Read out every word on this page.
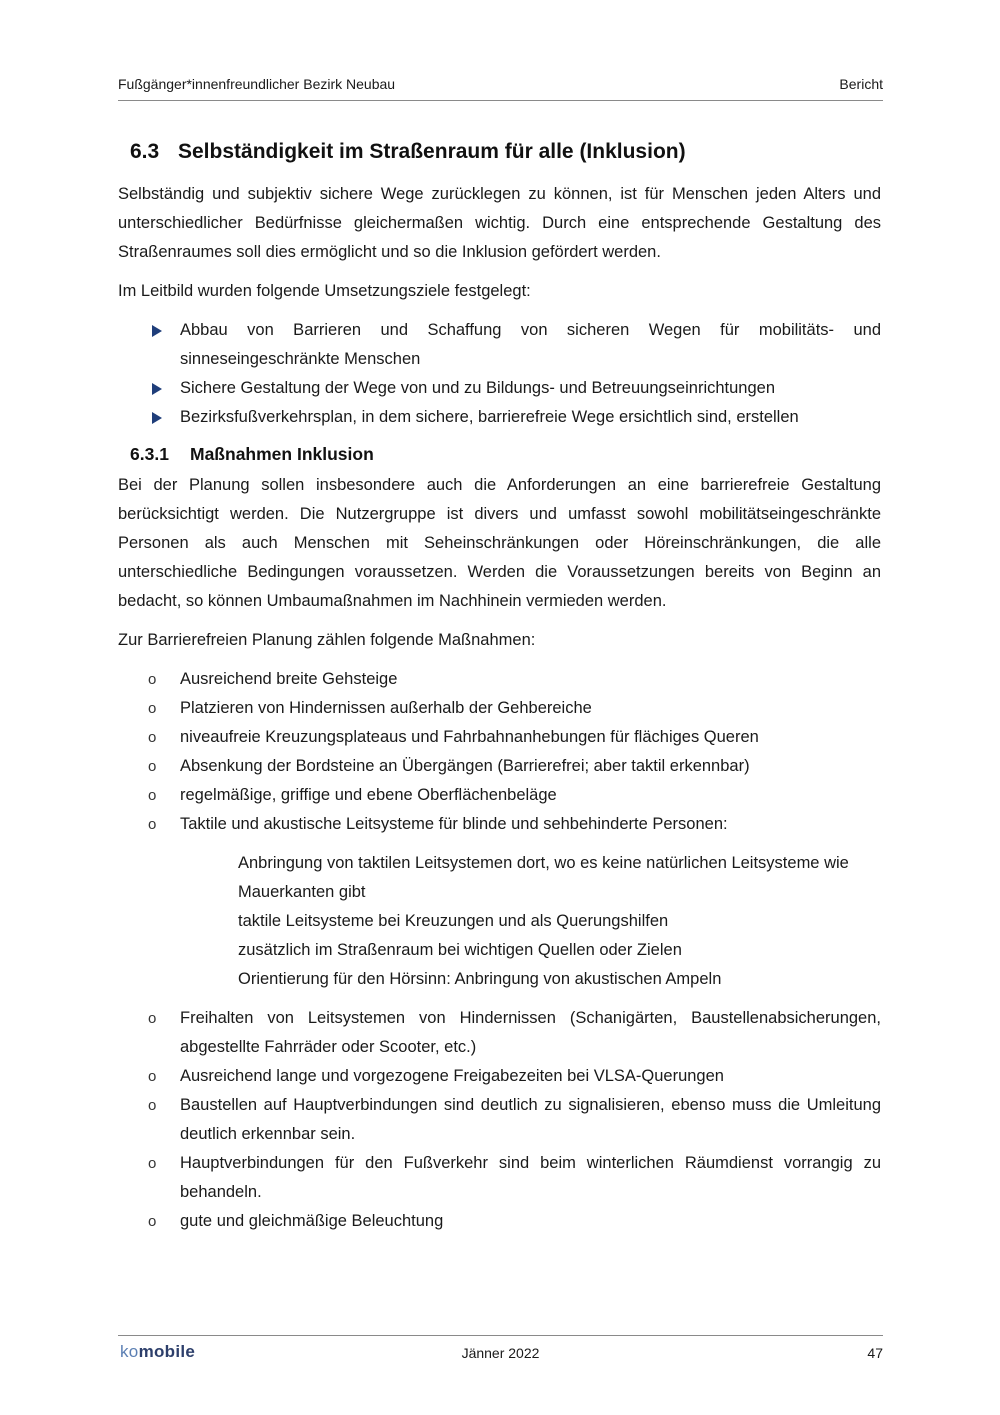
Fußgänger*innenfreundlicher Bezirk Neubau	Bericht
6.3 Selbständigkeit im Straßenraum für alle (Inklusion)

Selbständig und subjektiv sichere Wege zurücklegen zu können, ist für Menschen jeden Alters und unterschiedlicher Bedürfnisse gleichermaßen wichtig. Durch eine entsprechende Gestaltung des Straßenraumes soll dies ermöglicht und so die Inklusion gefördert werden.

Im Leitbild wurden folgende Umsetzungsziele festgelegt:

Abbau von Barrieren und Schaffung von sicheren Wegen für mobilitäts- und sinneseingeschränkte Menschen
Sichere Gestaltung der Wege von und zu Bildungs- und Betreuungseinrichtungen
Bezirksfußverkehrsplan, in dem sichere, barrierefreie Wege ersichtlich sind, erstellen
6.3.1 Maßnahmen Inklusion

Bei der Planung sollen insbesondere auch die Anforderungen an eine barrierefreie Gestaltung berücksichtigt werden. Die Nutzergruppe ist divers und umfasst sowohl mobilitätseingeschränkte Personen als auch Menschen mit Seheinschränkungen oder Höreinschränkungen, die alle unterschiedliche Bedingungen voraussetzen. Werden die Voraussetzungen bereits von Beginn an bedacht, so können Umbaumaßnahmen im Nachhinein vermieden werden.

Zur Barrierefreien Planung zählen folgende Maßnahmen:

o Ausreichend breite Gehsteige
o Platzieren von Hindernissen außerhalb der Gehbereiche
o niveaufreie Kreuzungsplateaus und Fahrbahnanhebungen für flächiges Queren
o Absenkung der Bordsteine an Übergängen (Barrierefrei; aber taktil erkennbar)
o regelmäßige, griffige und ebene Oberflächenbeläge
o Taktile und akustische Leitsysteme für blinde und sehbehinderte Personen:
Anbringung von taktilen Leitsystemen dort, wo es keine natürlichen Leitsysteme wie Mauerkanten gibt
taktile Leitsysteme bei Kreuzungen und als Querungshilfen
zusätzlich im Straßenraum bei wichtigen Quellen oder Zielen
Orientierung für den Hörsinn: Anbringung von akustischen Ampeln
o Freihalten von Leitsystemen von Hindernissen (Schanigärten, Baustellenabsicherungen, abgestellte Fahrräder oder Scooter, etc.)
o Ausreichend lange und vorgezogene Freigabezeiten bei VLSA-Querungen
o Baustellen auf Hauptverbindungen sind deutlich zu signalisieren, ebenso muss die Umleitung deutlich erkennbar sein.
o Hauptverbindungen für den Fußverkehr sind beim winterlichen Räumdienst vorrangig zu behandeln.
o gute und gleichmäßige Beleuchtung
komobile	Jänner 2022	47
